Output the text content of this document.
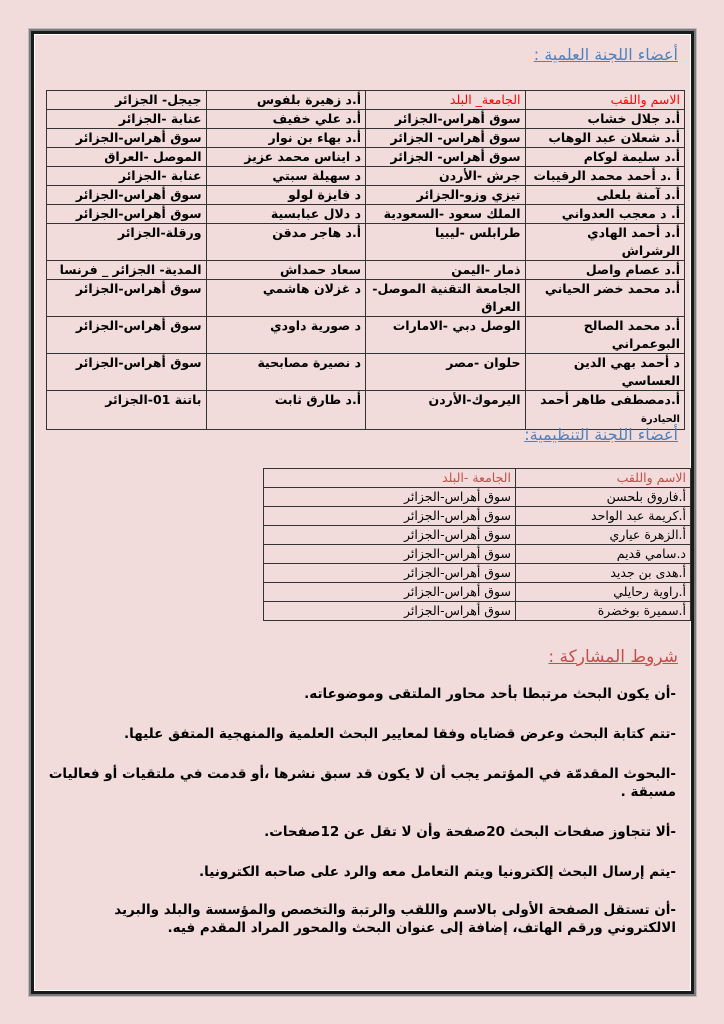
أعضاء اللجنة العلمية :
الاسم واللقب	الجامعة_ البلد	أ.د زهيرة بلفوس	جيجل- الجزائر
أ.د جلال خشاب	سوق أهراس-الجزائر	أ.د علي خفيف	عنابة -الجزائر
أ.د شعلان عبد الوهاب	سوق أهراس- الجزائر	أ.د بهاء بن نوار	سوق أهراس-الجزائر
أ.د سليمة لوكام	سوق أهراس- الجزائر	د ايناس محمد عزيز	الموصل -العراق
أ .د أحمد محمد الرقيبات	جرش -الأردن	د سهيلة سبتي	عنابة -الجزائر
أ.د آمنة بلعلى	تيزي وزو-الجزائر	د فايزة لولو	سوق أهراس-الجزائر
أ. د معجب العدواني	الملك سعود -السعودية	د دلال عبابسية	سوق أهراس-الجزائر
أ.د أحمد الهادي الرشراش	طرابلس -ليبيا	أ.د هاجر مدقن	ورقلة-الجزائر
أ.د عصام واصل	ذمار -اليمن	سعاد حمداش	المدية- الجزائر _ فرنسا
أ.د محمد خضر الحياني	الجامعة التقنية الموصل- العراق	د غزلان هاشمي	سوق أهراس-الجزائر
أ.د محمد الصالح البوعمراني	الوصل دبي -الامارات	د صورية داودي	سوق أهراس-الجزائر
د أحمد بهي الدين العساسي	حلوان -مصر	د نصيرة مصابحية	سوق أهراس-الجزائر
أ.دمصطفى طاهر أحمد
الحيادرة	اليرموك-الأردن	أ.د طارق ثابت	باتنة 01-الجزائر
أعضاء اللجنة التنظيمية:
الاسم واللقب	الجامعة -البلد
أ.فاروق بلحسن	سوق أهراس-الجزائر
أ.كريمة عبد الواحد	سوق أهراس-الجزائر
أ.الزهرة عياري	سوق أهراس-الجزائر
د.سامي قديم	سوق أهراس-الجزائر
أ.هدى بن جديد	سوق أهراس-الجزائر
أ.راوية رحايلي	سوق أهراس-الجزائر
أ.سميرة بوخضرة	سوق أهراس-الجزائر
شروط المشاركة :

-أن يكون البحث مرتبطا بأحد محاور الملتقى وموضوعاته.

-تتم كتابة البحث وعرض قضاياه وفقا لمعايير البحث العلمية والمنهجية المتفق عليها.

-البحوث المقدمّة في المؤتمر يجب أن لا يكون قد سبق نشرها ،أو قدمت في ملتقيات أو فعاليات مسبقة .

-ألا تتجاوز صفحات البحث 20صفحة وأن لا تقل عن 12صفحات.

-يتم إرسال البحث إلكترونيا ويتم التعامل معه والرد على صاحبه الكترونيا.

-أن تستقل الصفحة الأولى بالاسم واللقب والرتبة والتخصص والمؤسسة والبلد والبريد الالكتروني ورقم الهاتف، إضافة إلى عنوان البحث والمحور المراد المقدم فيه.
